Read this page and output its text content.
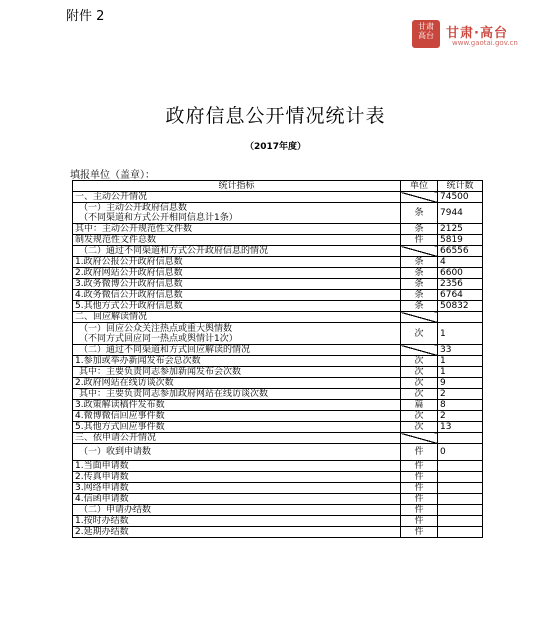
附件 2
甘肃
高台 甘肃·高台
www.gaotai.gov.cn
政府信息公开情况统计表
（2017年度）
填报单位（盖章）：
统计指标	单位	统计数

一、主动公开情况		74500

（一）主动公开政府信息数
（不同渠道和方式公开相同信息计1条）	条	7944

其中：主动公开规范性文件数	条	2125

制发规范性文件总数	件	5819

（二）通过不同渠道和方式公开政府信息的情况		66556

1.政府公报公开政府信息数	条	4

2.政府网站公开政府信息数	条	6600

3.政务微博公开政府信息数	条	2356

4.政务微信公开政府信息数	条	6764

5.其他方式公开政府信息数	条	50832

二、回应解读情况		

（一）回应公众关注热点或重大舆情数
（不同方式回应同一热点或舆情计1次）	次	1

（二）通过不同渠道和方式回应解读的情况		33

1.参加或举办新闻发布会总次数	次	1

其中：主要负责同志参加新闻发布会次数	次	1

2.政府网站在线访谈次数	次	9

其中：主要负责同志参加政府网站在线访谈次数	次	2

3.政策解读稿件发布数	篇	8

4.微博微信回应事件数	次	2

5.其他方式回应事件数	次	13

三、依申请公开情况		

（一）收到申请数	件	0

1.当面申请数	件	

2.传真申请数	件	

3.网络申请数	件	

4.信函申请数	件	

（二）申请办结数	件	

1.按时办结数	件	

2.延期办结数	件	
